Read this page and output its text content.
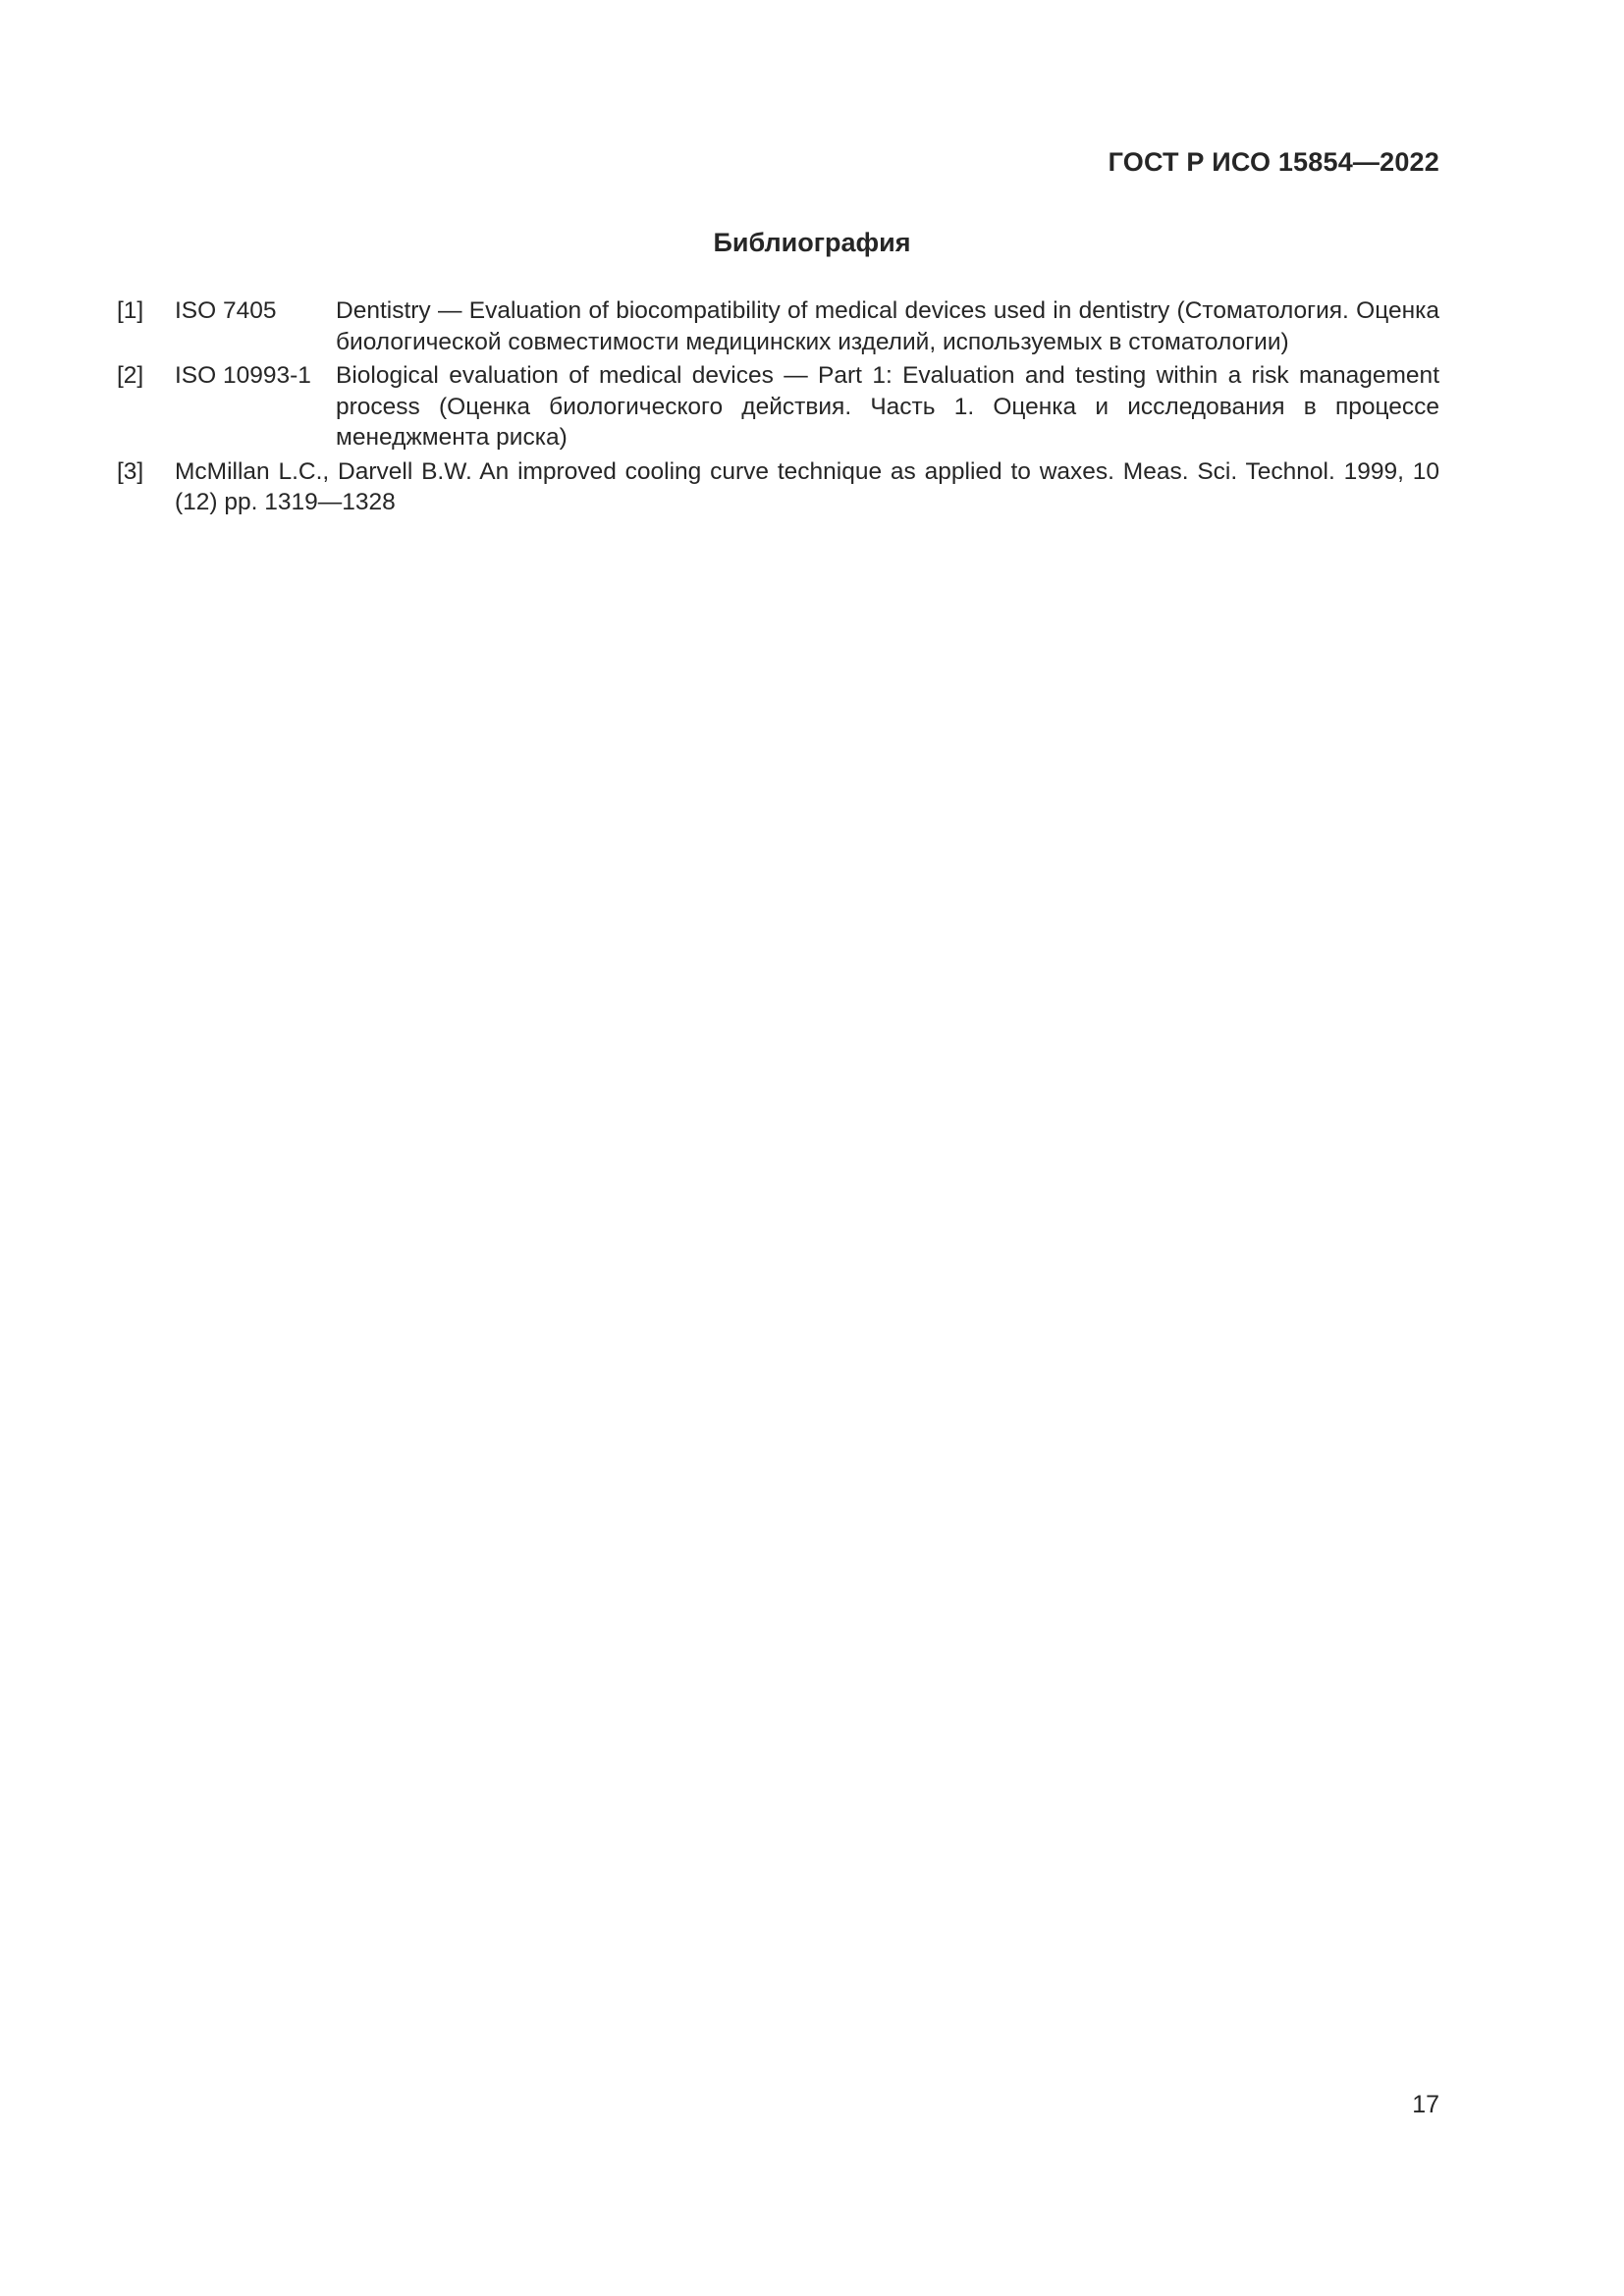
ГОСТ Р ИСО 15854—2022
Библиография
[1] ISO 7405 Dentistry — Evaluation of biocompatibility of medical devices used in dentistry (Стоматология. Оценка биологической совместимости медицинских изделий, используемых в стоматологии)
[2] ISO 10993-1 Biological evaluation of medical devices — Part 1: Evaluation and testing within a risk management process (Оценка биологического действия. Часть 1. Оценка и исследования в процессе менеджмента риска)
[3] McMillan L.C., Darvell B.W. An improved cooling curve technique as applied to waxes. Meas. Sci. Technol. 1999, 10 (12) pp. 1319—1328
17
